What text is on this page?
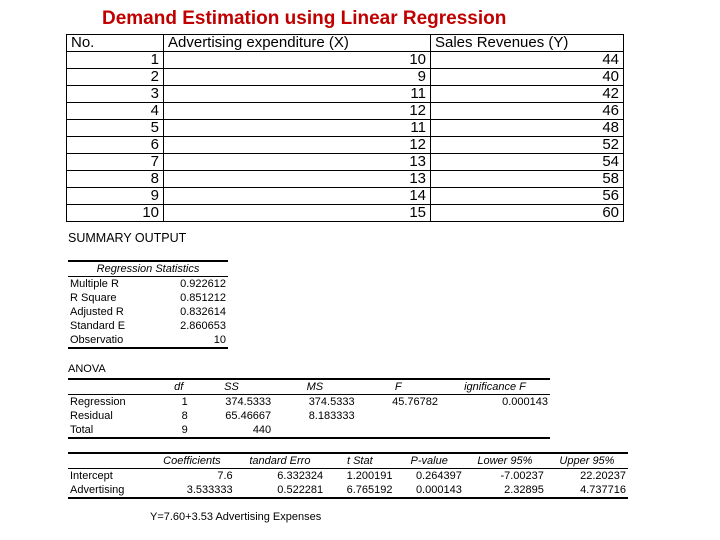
Demand Estimation using Linear Regression
No.	Advertising expenditure (X)	Sales Revenues (Y)
1	10	44
2	9	40
3	11	42
4	12	46
5	11	48
6	12	52
7	13	54
8	13	58
9	14	56
10	15	60
SUMMARY OUTPUT
Regression Statistics	
Multiple R	0.922612
R Square	0.851212
Adjusted R	0.832614
Standard E	2.860653
Observatio	10
ANOVA
	df	SS	MS	F	ignificance F
Regression	1	374.5333	374.5333	45.76782	0.000143
Residual	8	65.46667	8.183333		
Total	9	440			
	Coefficients	tandard Erro	t Stat	P-value	Lower 95%	Upper 95%
Intercept	7.6	6.332324	1.200191	0.264397	-7.00237	22.20237
Advertising	3.533333	0.522281	6.765192	0.000143	2.32895	4.737716
Y=7.60+3.53 Advertising Expenses
